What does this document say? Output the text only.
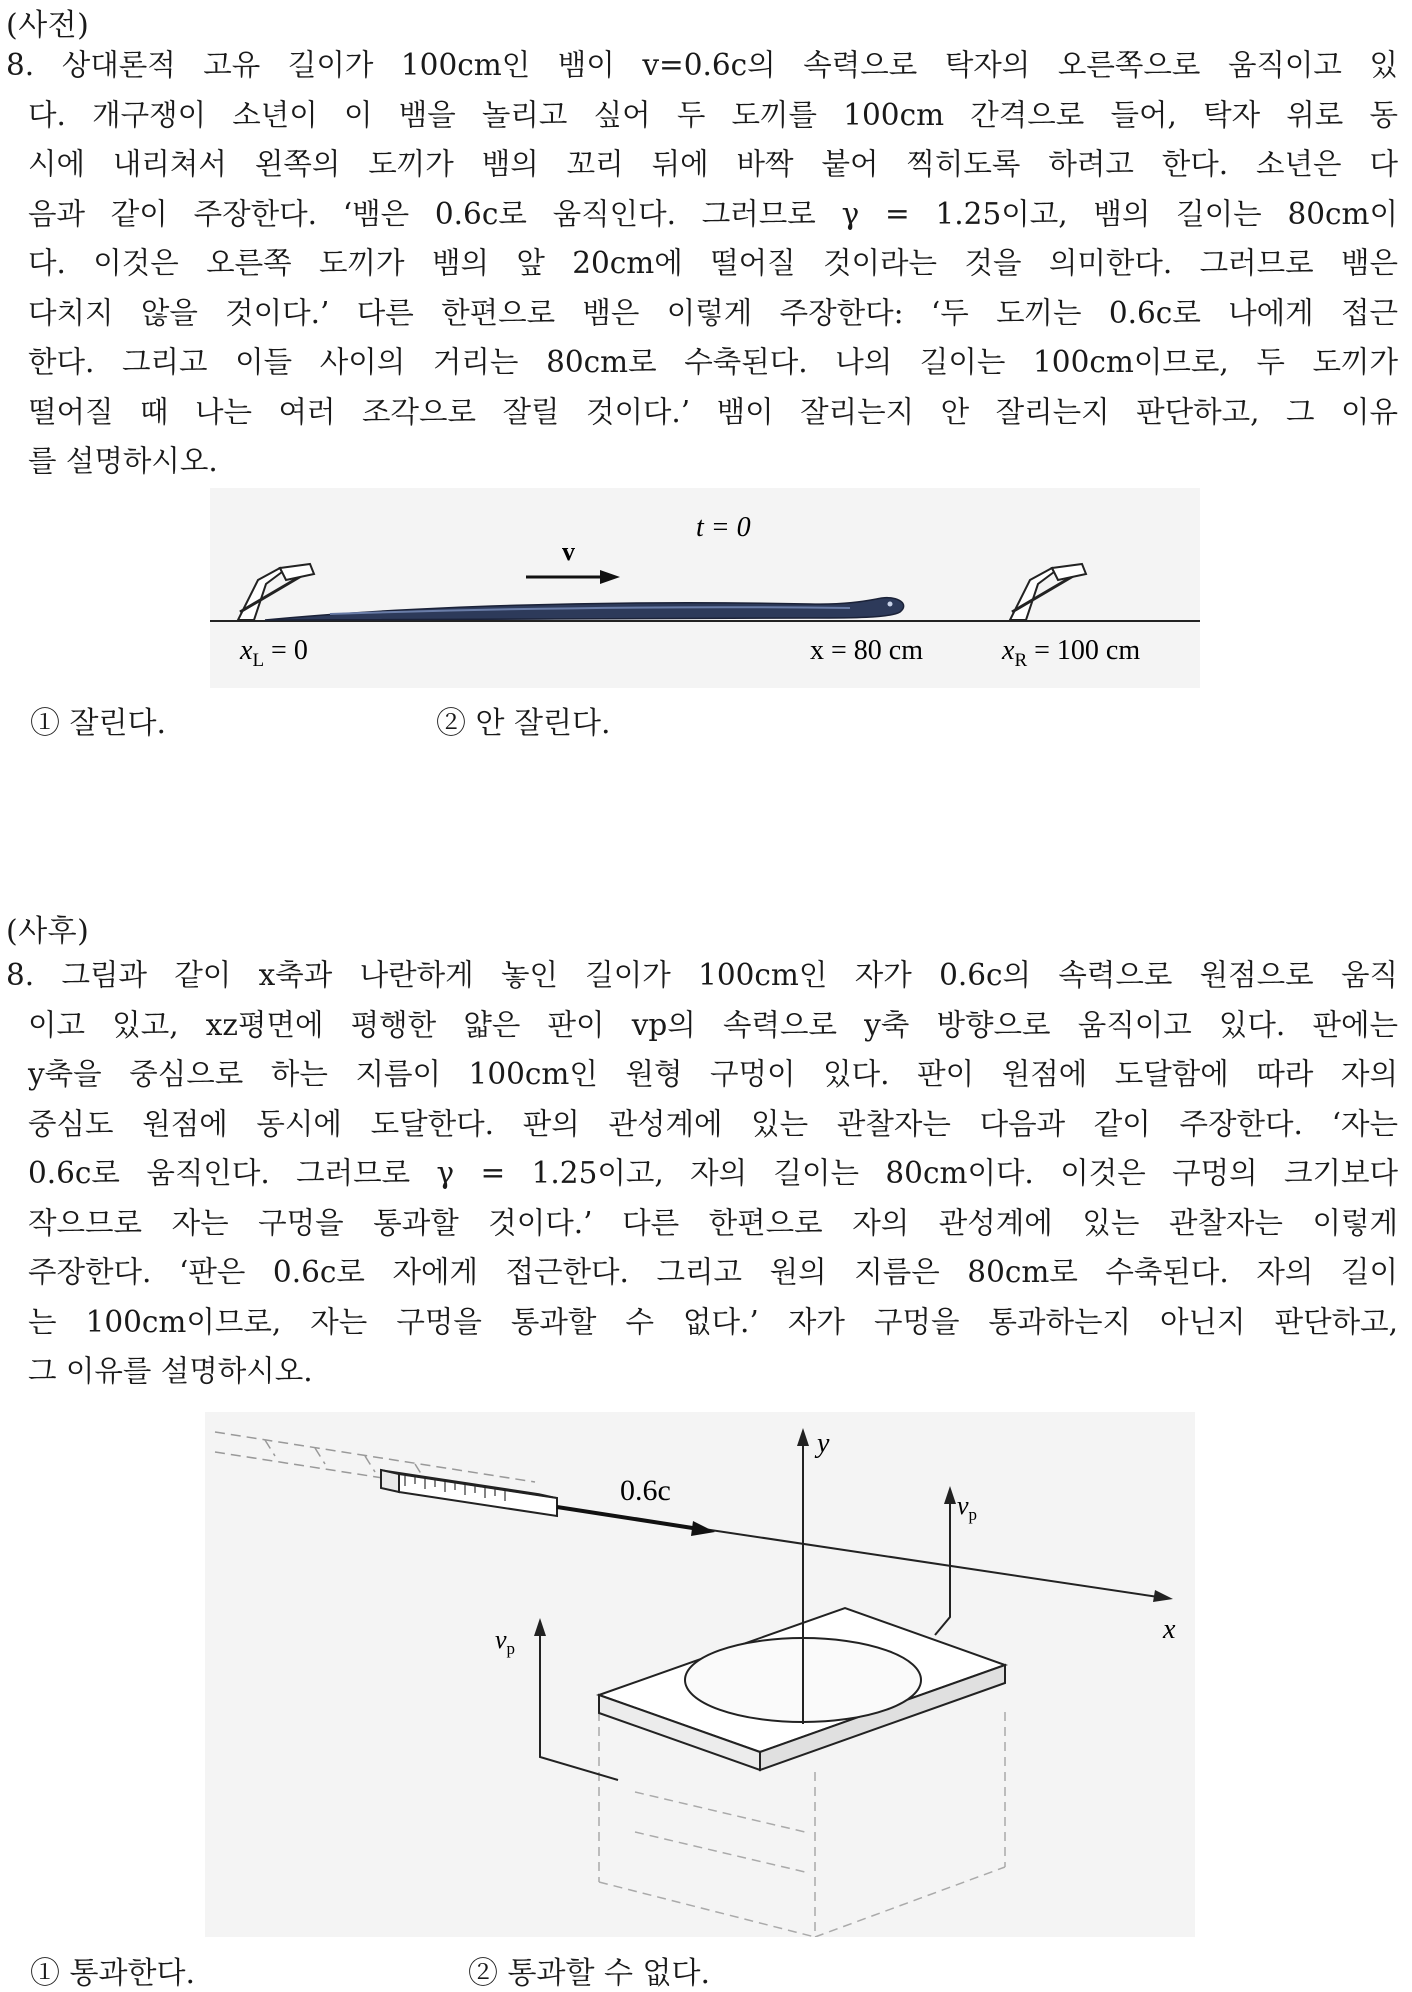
(사전)
8. 상대론적 고유 길이가 100cm인 뱀이 v=0.6c의 속력으로 탁자의 오른쪽으로 움직이고 있
다. 개구쟁이 소년이 이 뱀을 놀리고 싶어 두 도끼를 100cm 간격으로 들어, 탁자 위로 동
시에 내리쳐서 왼쪽의 도끼가 뱀의 꼬리 뒤에 바짝 붙어 찍히도록 하려고 한다. 소년은 다
음과 같이 주장한다. ‘뱀은 0.6c로 움직인다. 그러므로 γ = 1.25이고, 뱀의 길이는 80cm이
다. 이것은 오른쪽 도끼가 뱀의 앞 20cm에 떨어질 것이라는 것을 의미한다. 그러므로 뱀은
다치지 않을 것이다.’ 다른 한편으로 뱀은 이렇게 주장한다: ‘두 도끼는 0.6c로 나에게 접근
한다. 그리고 이들 사이의 거리는 80cm로 수축된다. 나의 길이는 100cm이므로, 두 도끼가
떨어질 때 나는 여러 조각으로 잘릴 것이다.’ 뱀이 잘리는지 안 잘리는지 판단하고, 그 이유
를 설명하시오.
v
t = 0
$x_L = 0$	x = 80 cm	$x_R = 100$ cm
① 잘린다.	② 안 잘린다.
(사후)
8. 그림과 같이 x축과 나란하게 놓인 길이가 100cm인 자가 0.6c의 속력으로 원점으로 움직
이고 있고, xz평면에 평행한 얇은 판이 vp의 속력으로 y축 방향으로 움직이고 있다. 판에는
y축을 중심으로 하는 지름이 100cm인 원형 구멍이 있다. 판이 원점에 도달함에 따라 자의
중심도 원점에 동시에 도달한다. 판의 관성계에 있는 관찰자는 다음과 같이 주장한다. ‘자는
0.6c로 움직인다. 그러므로 γ = 1.25이고, 자의 길이는 80cm이다. 이것은 구멍의 크기보다
작으므로 자는 구멍을 통과할 것이다.’ 다른 한편으로 자의 관성계에 있는 관찰자는 이렇게
주장한다. ‘판은 0.6c로 자에게 접근한다. 그리고 원의 지름은 80cm로 수축된다. 자의 길이
는 100cm이므로, 자는 구멍을 통과할 수 없다.’ 자가 구멍을 통과하는지 아닌지 판단하고,
그 이유를 설명하시오.
0.6c
x
y
$v_p$
$v_p$
① 통과한다.	② 통과할 수 없다.
